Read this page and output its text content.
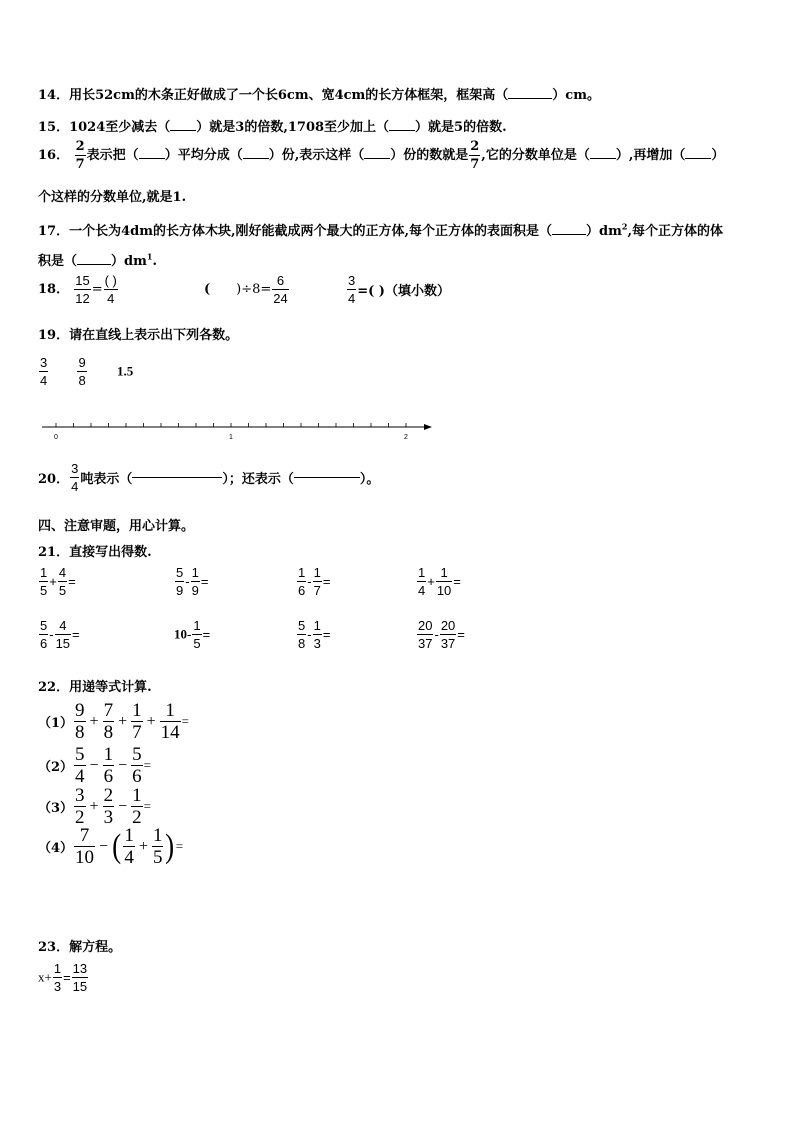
14．用长52cm的木条正好做成了一个长6cm、宽4cm的长方体框架，框架高（	）cm。
15．1024至少减去（ ）就是3的倍数,1708至少加上（ ）就是5的倍数.
16． $\frac{2}{7}$ 表示把（ ）平均分成（ ）份,表示这样（ ）份的数就是 $\frac{2}{7}$ ,它的分数单位是（ ）,再增加（ ）
个这样的分数单位,就是1.
17．一个长为4dm的长方体木块,刚好能截成两个最大的正方体,每个正方体的表面积是（	）$dm^2$,每个正方体的体
积是（	）$dm^1$.
18． $\frac{15}{12} = \frac{( )}{4}$	( )$\div 8= \frac{6}{24}$	$\frac{3}{4}$ =( )（填小数）
19．请在直线上表示出下列各数。
$\frac{3}{4}$
$\frac{9}{8} 1.5$
0	1	2
20． $\frac{3}{4}$ 吨表示（	）；还表示（	）。
四、注意审题，用心计算。
21．直接写出得数.
$\frac{1}{5} + \frac{4}{5}$ =	$\frac{5}{9} - \frac{1}{9}$ =	$\frac{1}{6} - \frac{1}{7}$ =	$\frac{1}{4} + \frac{1}{10}$ =
$\frac{5}{6} - \frac{4}{15}$ =	$10- \frac{1}{5}$ =	$\frac{5}{8} - \frac{1}{3}$ =	$\frac{20}{37} - \frac{20}{37}$ =
22．用递等式计算.
$(1) \frac{9}{8} + \frac{7}{8} + \frac{1}{7} + \frac{1}{14}$ =
$(2) \frac{5}{4} - \frac{1}{6} - \frac{5}{6}$ =
$(3) \frac{3}{2} + \frac{2}{3} - \frac{1}{2}$ =
$(4) \frac{7}{10}$ − ( $\frac{1}{4} + \frac{1}{5}$ )=
23．解方程。
$x+ \frac{1}{3} = \frac{13}{15}$
